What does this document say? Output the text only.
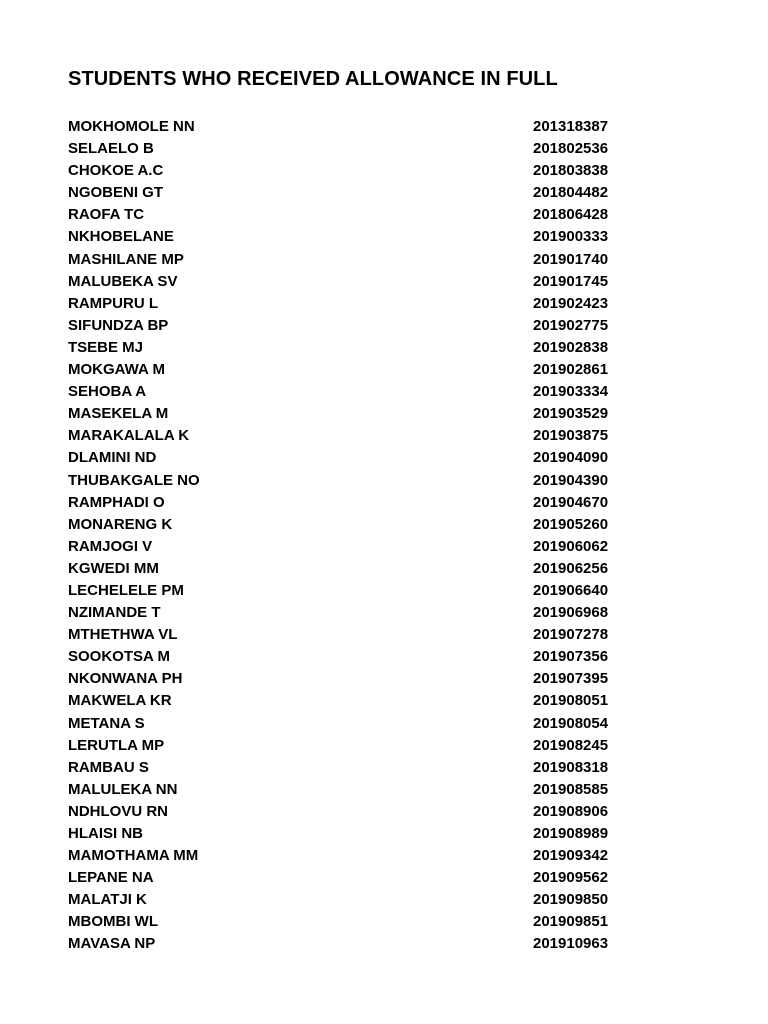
STUDENTS WHO RECEIVED ALLOWANCE IN FULL
MOKHOMOLE NN	201318387
SELAELO B	201802536
CHOKOE A.C	201803838
NGOBENI GT	201804482
RAOFA TC	201806428
NKHOBELANE	201900333
MASHILANE MP	201901740
MALUBEKA SV	201901745
RAMPURU L	201902423
SIFUNDZA BP	201902775
TSEBE MJ	201902838
MOKGAWA M	201902861
SEHOBA A	201903334
MASEKELA M	201903529
MARAKALALA K	201903875
DLAMINI ND	201904090
THUBAKGALE NO	201904390
RAMPHADI O	201904670
MONARENG K	201905260
RAMJOGI V	201906062
KGWEDI MM	201906256
LECHELELE PM	201906640
NZIMANDE T	201906968
MTHETHWA VL	201907278
SOOKOTSA M	201907356
NKONWANA PH	201907395
MAKWELA KR	201908051
METANA S	201908054
LERUTLA MP	201908245
RAMBAU S	201908318
MALULEKA NN	201908585
NDHLOVU RN	201908906
HLAISI NB	201908989
MAMOTHAMA MM	201909342
LEPANE NA	201909562
MALATJI K	201909850
MBOMBI WL	201909851
MAVASA NP	201910963
